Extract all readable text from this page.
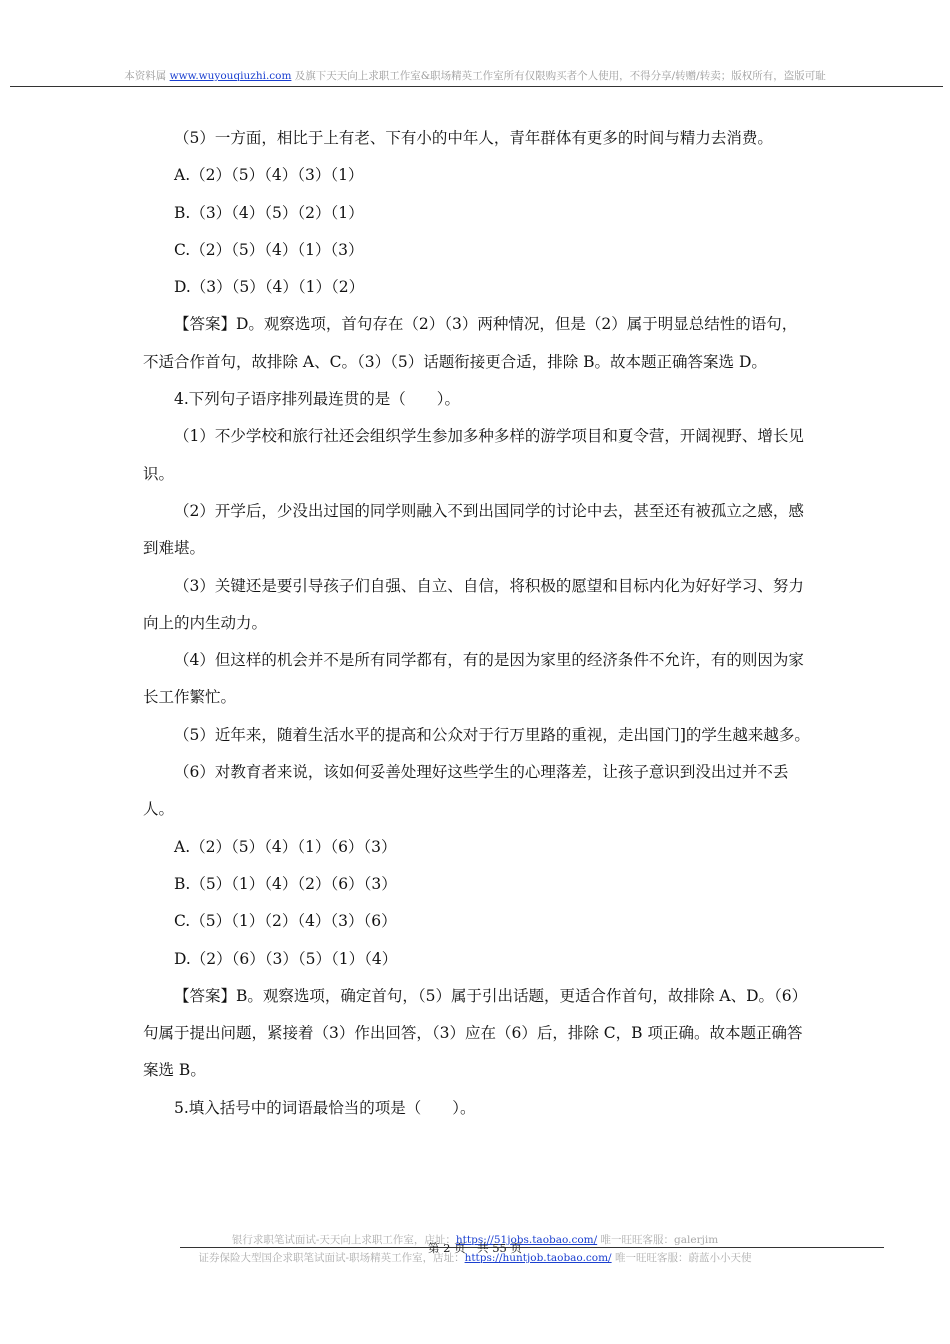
本资料属 www.wuyouqiuzhi.com 及旗下天天向上求职工作室&职场精英工作室所有仅限购买者个人使用，不得分享/转赠/转卖；版权所有，盗版可耻

（5）一方面，相比于上有老、下有小的中年人，青年群体有更多的时间与精力去消费。

A.（2）（5）（4）（3）（1）

B.（3）（4）（5）（2）（1）

C.（2）（5）（4）（1）（3）

D.（3）（5）（4）（1）（2）

【答案】D。观察选项，首句存在（2）（3）两种情况，但是（2）属于明显总结性的语句，不适合作首句，故排除 A、C。（3）（5）话题衔接更合适，排除 B。故本题正确答案选 D。

4.下列句子语序排列最连贯的是（　　）。

（1）不少学校和旅行社还会组织学生参加多种多样的游学项目和夏令营，开阔视野、增长见识。

（2）开学后，少没出过国的同学则融入不到出国同学的讨论中去，甚至还有被孤立之感，感到难堪。

（3）关键还是要引导孩子们自强、自立、自信，将积极的愿望和目标内化为好好学习、努力向上的内生动力。

（4）但这样的机会并不是所有同学都有，有的是因为家里的经济条件不允许，有的则因为家长工作繁忙。

（5）近年来，随着生活水平的提高和公众对于行万里路的重视，走出国门]的学生越来越多。

（6）对教育者来说，该如何妥善处理好这些学生的心理落差，让孩子意识到没出过并不丢人。

A.（2）（5）（4）（1）（6）（3）

B.（5）（1）（4）（2）（6）（3）

C.（5）（1）（2）（4）（3）（6）

D.（2）（6）（3）（5）（1）（4）

【答案】B。观察选项，确定首句，（5）属于引出话题，更适合作首句，故排除 A、D。（6）句属于提出问题，紧接着（3）作出回答，（3）应在（6）后，排除 C，B 项正确。故本题正确答案选 B。

5.填入括号中的词语最恰当的项是（　　）。

银行求职笔试面试-天天向上求职工作室，店址：https://51jobs.taobao.com/ 唯一旺旺客服：galerjim
第 2 页　共 55 页
证券保险大型国企求职笔试面试-职场精英工作室，店址：https://huntjob.taobao.com/ 唯一旺旺客服：蔚蓝小小天使
